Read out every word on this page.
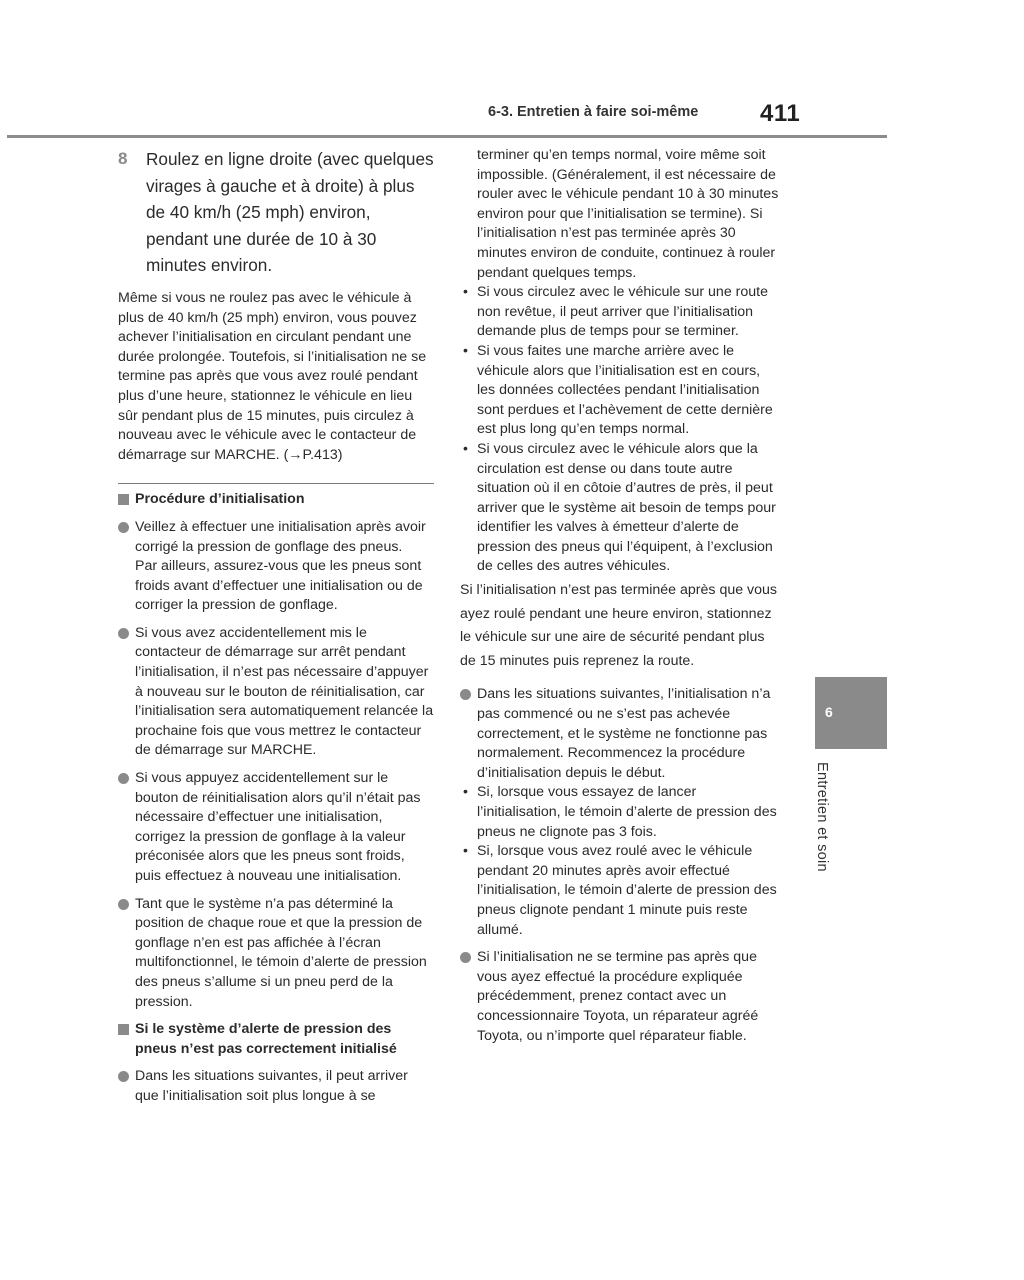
6-3. Entretien à faire soi-même	411
8 Roulez en ligne droite (avec quelques virages à gauche et à droite) à plus de 40 km/h (25 mph) environ, pendant une durée de 10 à 30 minutes environ.

Même si vous ne roulez pas avec le véhicule à plus de 40 km/h (25 mph) environ, vous pouvez achever l’initialisation en circulant pendant une durée prolongée. Toutefois, si l’initialisation ne se termine pas après que vous avez roulé pendant plus d’une heure, stationnez le véhicule en lieu sûr pendant plus de 15 minutes, puis circulez à nouveau avec le véhicule avec le contacteur de démarrage sur MARCHE. (→P.413)

Procédure d’initialisation

Veillez à effectuer une initialisation après avoir corrigé la pression de gonflage des pneus.

Par ailleurs, assurez-vous que les pneus sont froids avant d’effectuer une initialisation ou de corriger la pression de gonflage.

Si vous avez accidentellement mis le contacteur de démarrage sur arrêt pendant l’initialisation, il n’est pas nécessaire d’appuyer à nouveau sur le bouton de réinitialisation, car l’initialisation sera automatiquement relancée la prochaine fois que vous mettrez le contacteur de démarrage sur MARCHE.

Si vous appuyez accidentellement sur le bouton de réinitialisation alors qu’il n’était pas nécessaire d’effectuer une initialisation, corrigez la pression de gonflage à la valeur préconisée alors que les pneus sont froids, puis effectuez à nouveau une initialisation.

Tant que le système n’a pas déterminé la position de chaque roue et que la pression de gonflage n’en est pas affichée à l’écran multifonctionnel, le témoin d’alerte de pression des pneus s’allume si un pneu perd de la pression.

Si le système d’alerte de pression des pneus n’est pas correctement initialisé

Dans les situations suivantes, il peut arriver que l’initialisation soit plus longue à se

terminer qu’en temps normal, voire même soit impossible. (Généralement, il est nécessaire de rouler avec le véhicule pendant 10 à 30 minutes environ pour que l’initialisation se termine). Si l’initialisation n’est pas terminée après 30 minutes environ de conduite, continuez à rouler pendant quelques temps.

• Si vous circulez avec le véhicule sur une route non revêtue, il peut arriver que l’initialisation demande plus de temps pour se terminer.

• Si vous faites une marche arrière avec le véhicule alors que l’initialisation est en cours, les données collectées pendant l’initialisation sont perdues et l’achèvement de cette dernière est plus long qu’en temps normal.

• Si vous circulez avec le véhicule alors que la circulation est dense ou dans toute autre situation où il en côtoie d’autres de près, il peut arriver que le système ait besoin de temps pour identifier les valves à émetteur d’alerte de pression des pneus qui l’équipent, à l’exclusion de celles des autres véhicules.

Si l’initialisation n’est pas terminée après que vous ayez roulé pendant une heure environ, stationnez le véhicule sur une aire de sécurité pendant plus de 15 minutes puis reprenez la route.

Dans les situations suivantes, l’initialisation n’a pas commencé ou ne s’est pas achevée correctement, et le système ne fonctionne pas normalement. Recommencez la procédure d’initialisation depuis le début.

• Si, lorsque vous essayez de lancer l’initialisation, le témoin d’alerte de pression des pneus ne clignote pas 3 fois.

• Si, lorsque vous avez roulé avec le véhicule pendant 20 minutes après avoir effectué l’initialisation, le témoin d’alerte de pression des pneus clignote pendant 1 minute puis reste allumé.

Si l’initialisation ne se termine pas après que vous ayez effectué la procédure expliquée précédemment, prenez contact avec un concessionnaire Toyota, un réparateur agréé Toyota, ou n’importe quel réparateur fiable.

6
Entretien et soin
